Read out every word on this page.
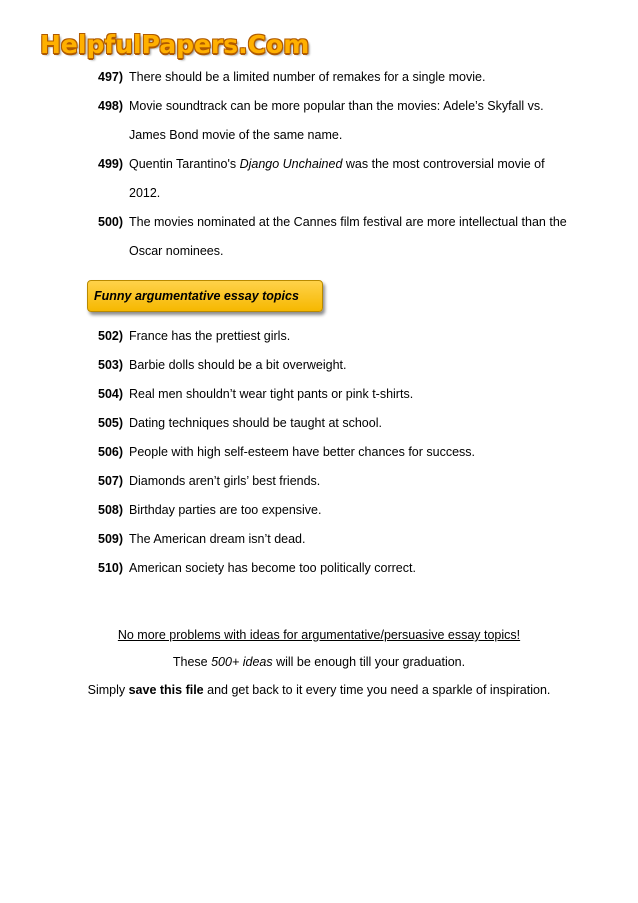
HelpfulPapers.Com
497) There should be a limited number of remakes for a single movie.
498) Movie soundtrack can be more popular than the movies: Adele’s Skyfall vs.
James Bond movie of the same name.
499) Quentin Tarantino's Django Unchained was the most controversial movie of
2012.
500) The movies nominated at the Cannes film festival are more intellectual than the
Oscar nominees.
Funny argumentative essay topics
502) France has the prettiest girls.
503) Barbie dolls should be a bit overweight.
504) Real men shouldn’t wear tight pants or pink t-shirts.
505) Dating techniques should be taught at school.
506) People with high self-esteem have better chances for success.
507) Diamonds aren’t girls’ best friends.
508) Birthday parties are too expensive.
509) The American dream isn’t dead.
510) American society has become too politically correct.
No more problems with ideas for argumentative/persuasive essay topics!
These 500+ ideas will be enough till your graduation.
Simply save this file and get back to it every time you need a sparkle of inspiration.
